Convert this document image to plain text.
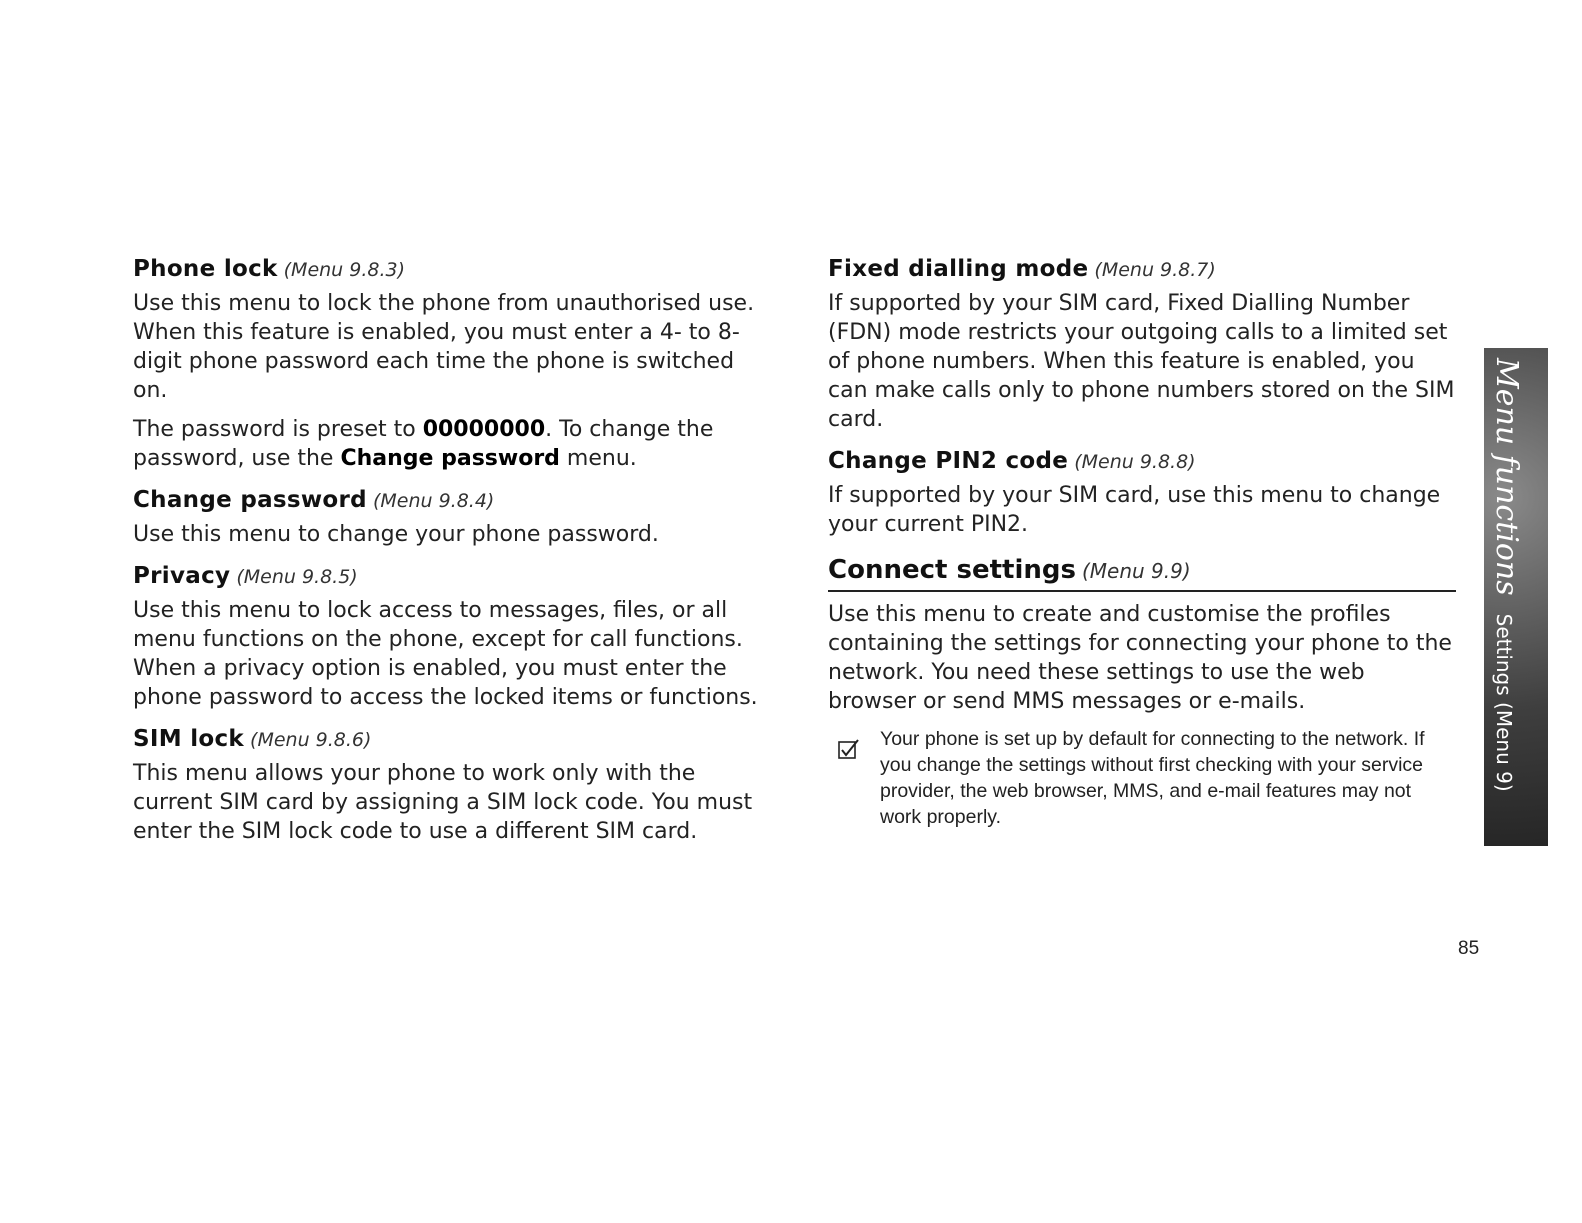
Phone lock (Menu 9.8.3)

Use this menu to lock the phone from unauthorised use. When this feature is enabled, you must enter a 4- to 8-digit phone password each time the phone is switched on.

The password is preset to 00000000. To change the password, use the Change password menu.

Change password (Menu 9.8.4)

Use this menu to change your phone password.

Privacy (Menu 9.8.5)

Use this menu to lock access to messages, files, or all menu functions on the phone, except for call functions. When a privacy option is enabled, you must enter the phone password to access the locked items or functions.

SIM lock (Menu 9.8.6)

This menu allows your phone to work only with the current SIM card by assigning a SIM lock code. You must enter the SIM lock code to use a different SIM card.

Fixed dialling mode (Menu 9.8.7)

If supported by your SIM card, Fixed Dialling Number (FDN) mode restricts your outgoing calls to a limited set of phone numbers. When this feature is enabled, you can make calls only to phone numbers stored on the SIM card.

Change PIN2 code (Menu 9.8.8)

If supported by your SIM card, use this menu to change your current PIN2.

Connect settings (Menu 9.9)

Use this menu to create and customise the profiles containing the settings for connecting your phone to the network. You need these settings to use the web browser or send MMS messages or e-mails.

Your phone is set up by default for connecting to the network. If you change the settings without first checking with your service provider, the web browser, MMS, and e-mail features may not work properly.

Menu functionsSettings (Menu 9)
85
